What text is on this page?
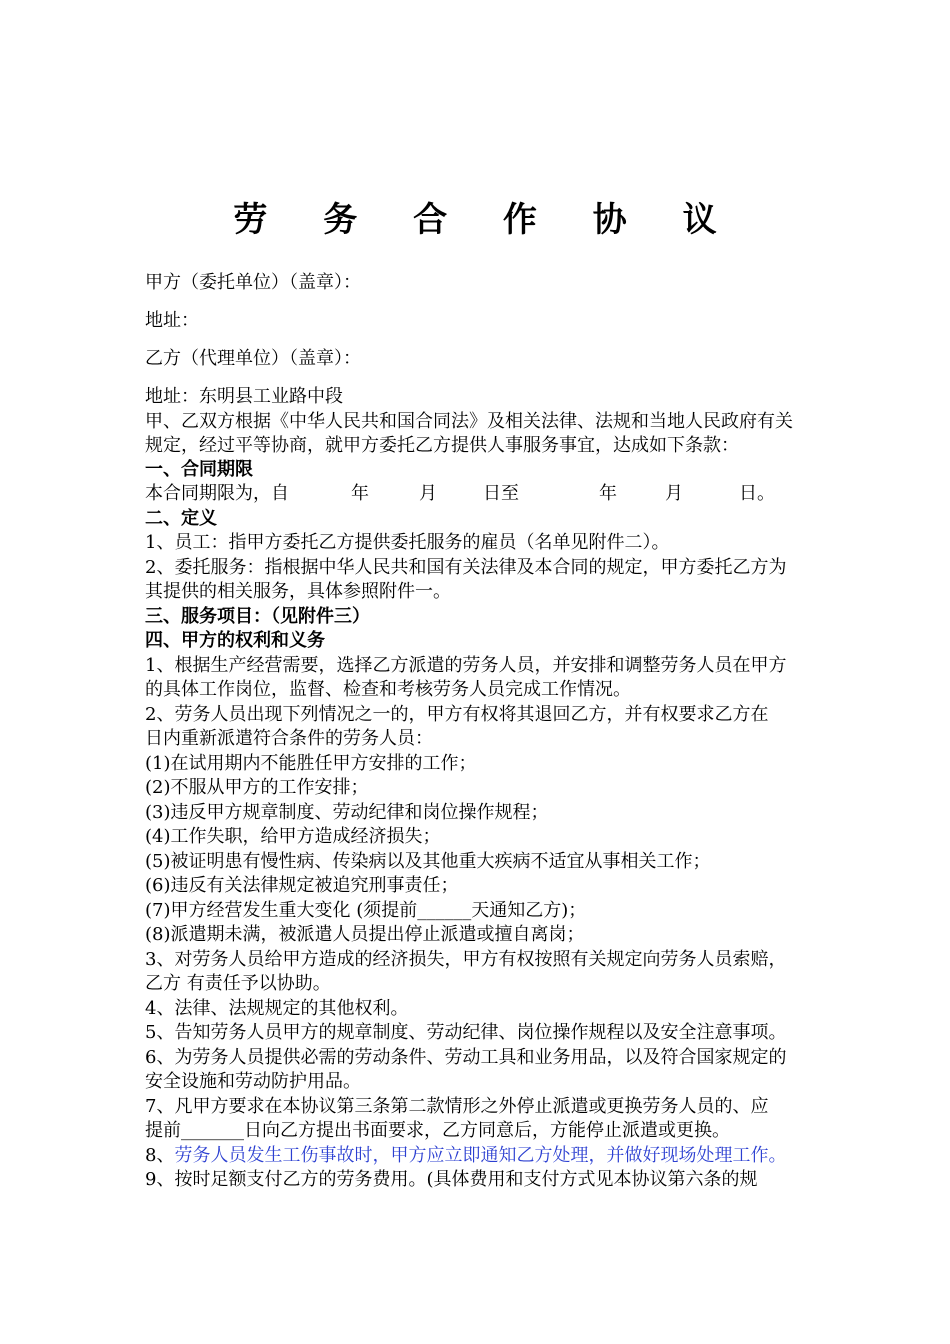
劳 务 合 作 协 议
甲方（委托单位）（盖章）：
地址：
乙方（代理单位）（盖章）：
地址：东明县工业路中段
甲、乙双方根据《中华人民共和国合同法》及相关法律、法规和当地人民政府有关
规定，经过平等协商，就甲方委托乙方提供人事服务事宜，达成如下条款：
一、合同期限
本合同期限为，自	年	月	日至	年	月	日。
二、定义
1、员工：指甲方委托乙方提供委托服务的雇员（名单见附件二）。
2、委托服务：指根据中华人民共和国有关法律及本合同的规定，甲方委托乙方为
其提供的相关服务，具体参照附件一。
三、服务项目：（见附件三）
四、甲方的权利和义务
1、根据生产经营需要，选择乙方派遣的劳务人员，并安排和调整劳务人员在甲方
的具体工作岗位，监督、检查和考核劳务人员完成工作情况。
2、劳务人员出现下列情况之一的，甲方有权将其退回乙方，并有权要求乙方在
日内重新派遣符合条件的劳务人员：
(1)在试用期内不能胜任甲方安排的工作；
(2)不服从甲方的工作安排；
(3)违反甲方规章制度、劳动纪律和岗位操作规程；
(4)工作失职，给甲方造成经济损失；
(5)被证明患有慢性病、传染病以及其他重大疾病不适宜从事相关工作；
(6)违反有关法律规定被追究刑事责任；
(7)甲方经营发生重大变化 (须提前______天通知乙方)；
(8)派遣期未满，被派遣人员提出停止派遣或擅自离岗；
3、对劳务人员给甲方造成的经济损失，甲方有权按照有关规定向劳务人员索赔，
乙方 有责任予以协助。
4、法律、法规规定的其他权利。
5、告知劳务人员甲方的规章制度、劳动纪律、岗位操作规程以及安全注意事项。
6、为劳务人员提供必需的劳动条件、劳动工具和业务用品，以及符合国家规定的
安全设施和劳动防护用品。
7、凡甲方要求在本协议第三条第二款情形之外停止派遣或更换劳务人员的、应
提前_______日向乙方提出书面要求，乙方同意后，方能停止派遣或更换。
8、劳务人员发生工伤事故时，甲方应立即通知乙方处理，并做好现场处理工作。
9、按时足额支付乙方的劳务费用。(具体费用和支付方式见本协议第六条的规
